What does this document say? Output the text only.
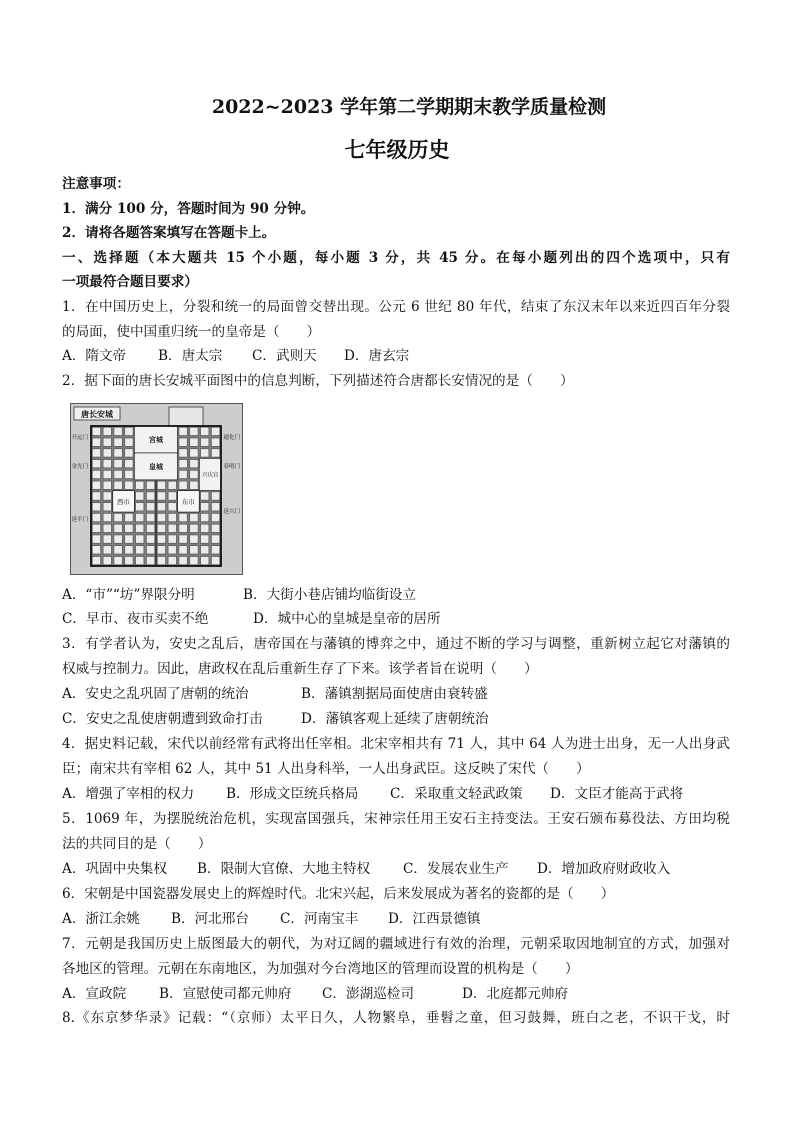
2022~2023 学年第二学期期末教学质量检测
七年级历史
注意事项：
1．满分 100 分，答题时间为 90 分钟。
2．请将各题答案填写在答题卡上。
一、选择题（本大题共 15 个小题，每小题 3 分，共 45 分。在每小题列出的四个选项中，只有
一项最符合题目要求）
1．在中国历史上，分裂和统一的局面曾交替出现。公元 6 世纪 80 年代，结束了东汉末年以来近四百年分裂
的局面，使中国重归统一的皇帝是（　　）
A．隋文帝 B．唐太宗 C．武则天 D．唐玄宗
2．据下面的唐长安城平面图中的信息判断，下列描述符合唐都长安情况的是（　　）
宫城
皇城
西市	东市
兴庆宫
唐长安城
开远门
金光门
延平门
通化门
春明门
延兴门
A．“市”“坊”界限分明	B．大街小巷店铺均临街设立
C．早市、夜市买卖不绝	D．城中心的皇城是皇帝的居所
3．有学者认为，安史之乱后，唐帝国在与藩镇的博弈之中，通过不断的学习与调整，重新树立起它对藩镇的
权威与控制力。因此，唐政权在乱后重新生存了下来。该学者旨在说明（　　）
A．安史之乱巩固了唐朝的统治	B．藩镇割据局面使唐由衰转盛
C．安史之乱使唐朝遭到致命打击	D．藩镇客观上延续了唐朝统治
4．据史料记载，宋代以前经常有武将出任宰相。北宋宰相共有 71 人，其中 64 人为进士出身，无一人出身武
臣；南宋共有宰相 62 人，其中 51 人出身科举，一人出身武臣。这反映了宋代（　　）
A．增强了宰相的权力 B．形成文臣统兵格局 C．采取重文轻武政策 D．文臣才能高于武将
5．1069 年，为摆脱统治危机，实现富国强兵，宋神宗任用王安石主持变法。王安石颁布募役法、方田均税
法的共同目的是（　　）
A．巩固中央集权 B．限制大官僚、大地主特权 C．发展农业生产 D．增加政府财政收入
6．宋朝是中国瓷器发展史上的辉煌时代。北宋兴起，后来发展成为著名的瓷都的是（　　）
A．浙江余姚 B．河北邢台 C．河南宝丰 D．江西景德镇
7．元朝是我国历史上版图最大的朝代，为对辽阔的疆域进行有效的治理，元朝采取因地制宜的方式，加强对
各地区的管理。元朝在东南地区，为加强对今台湾地区的管理而设置的机构是（　　）
A．宣政院 B．宣慰使司都元帅府 C．澎湖巡检司	D．北庭都元帅府
8.《东京梦华录》记载：“（京师）太平日久，人物繁阜，垂髫之童，但习鼓舞，班白之老，不识干戈，时
